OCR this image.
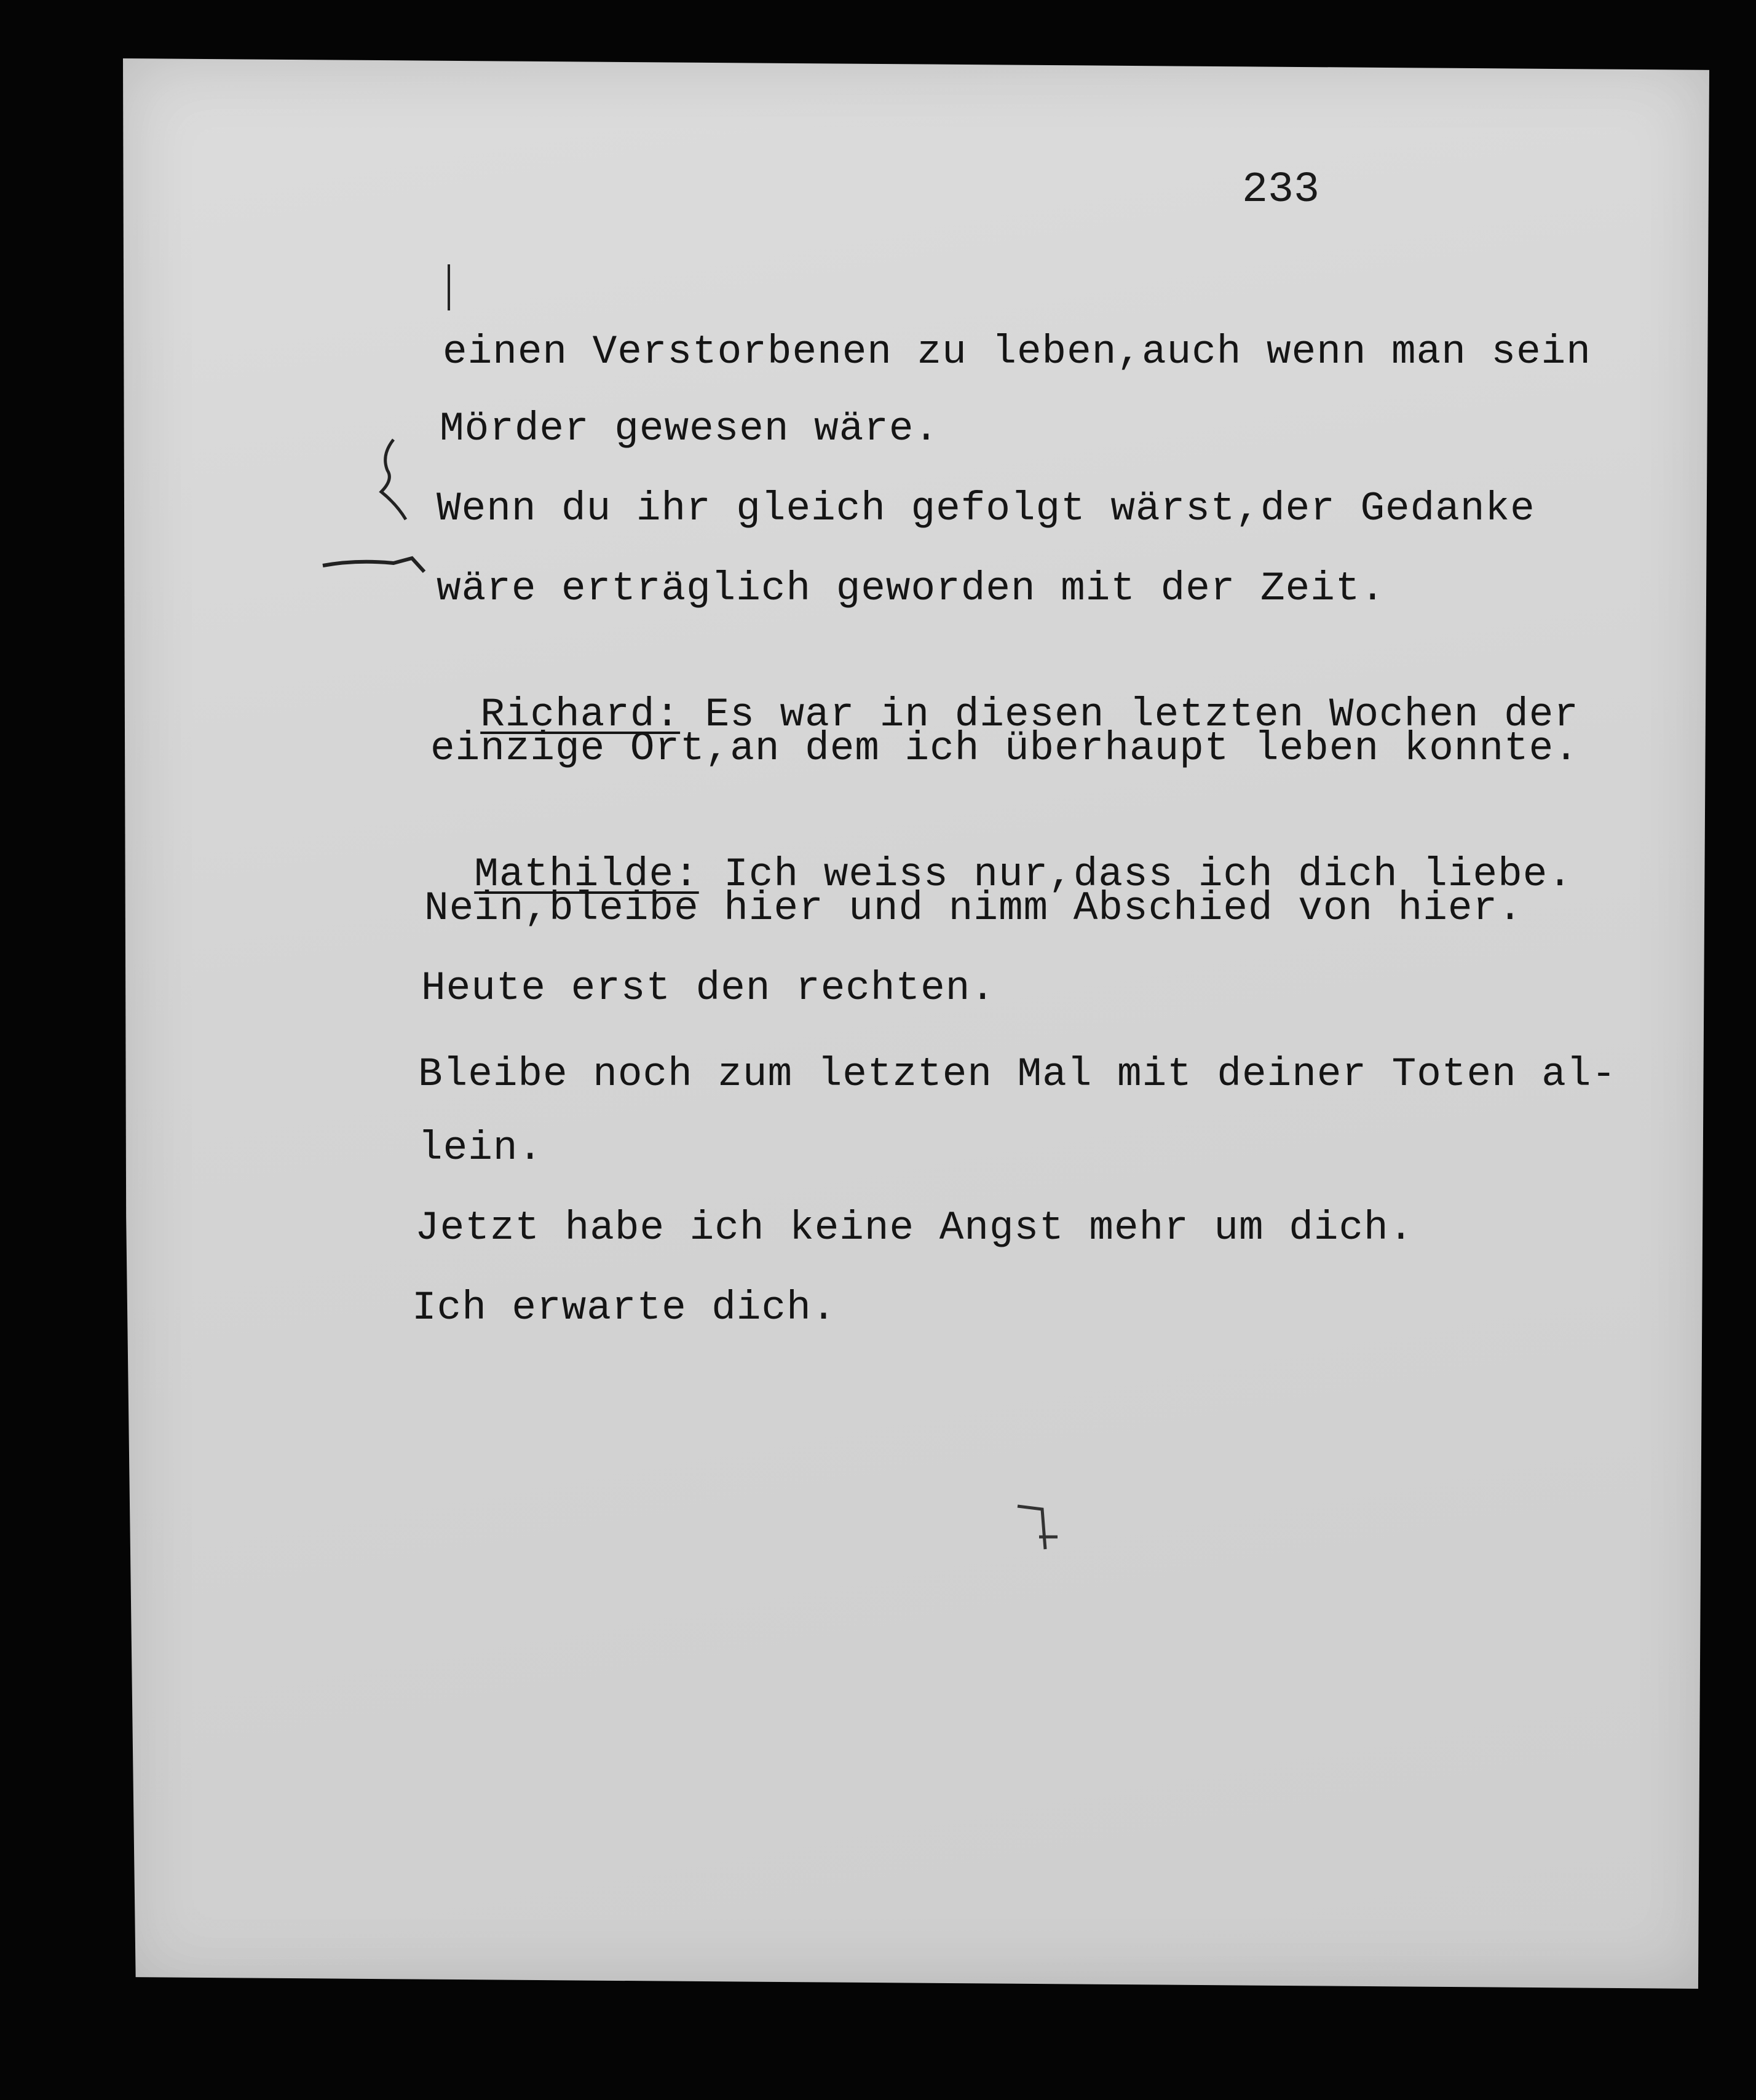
233
einen Verstorbenen zu leben,auch wenn man sein
Mörder gewesen wäre.
Wenn du ihr gleich gefolgt wärst,der Gedanke
wäre erträglich geworden mit der Zeit.

Richard: Es war in diesen letzten Wochen der

einzige Ort,an dem ich überhaupt leben konnte.

Mathilde: Ich weiss nur,dass ich dich liebe.

Nein,bleibe hier und nimm Abschied von hier.
Heute erst den rechten.
Bleibe noch zum letzten Mal mit deiner Toten al-
lein.
Jetzt habe ich keine Angst mehr um dich.
Ich erwarte dich.
